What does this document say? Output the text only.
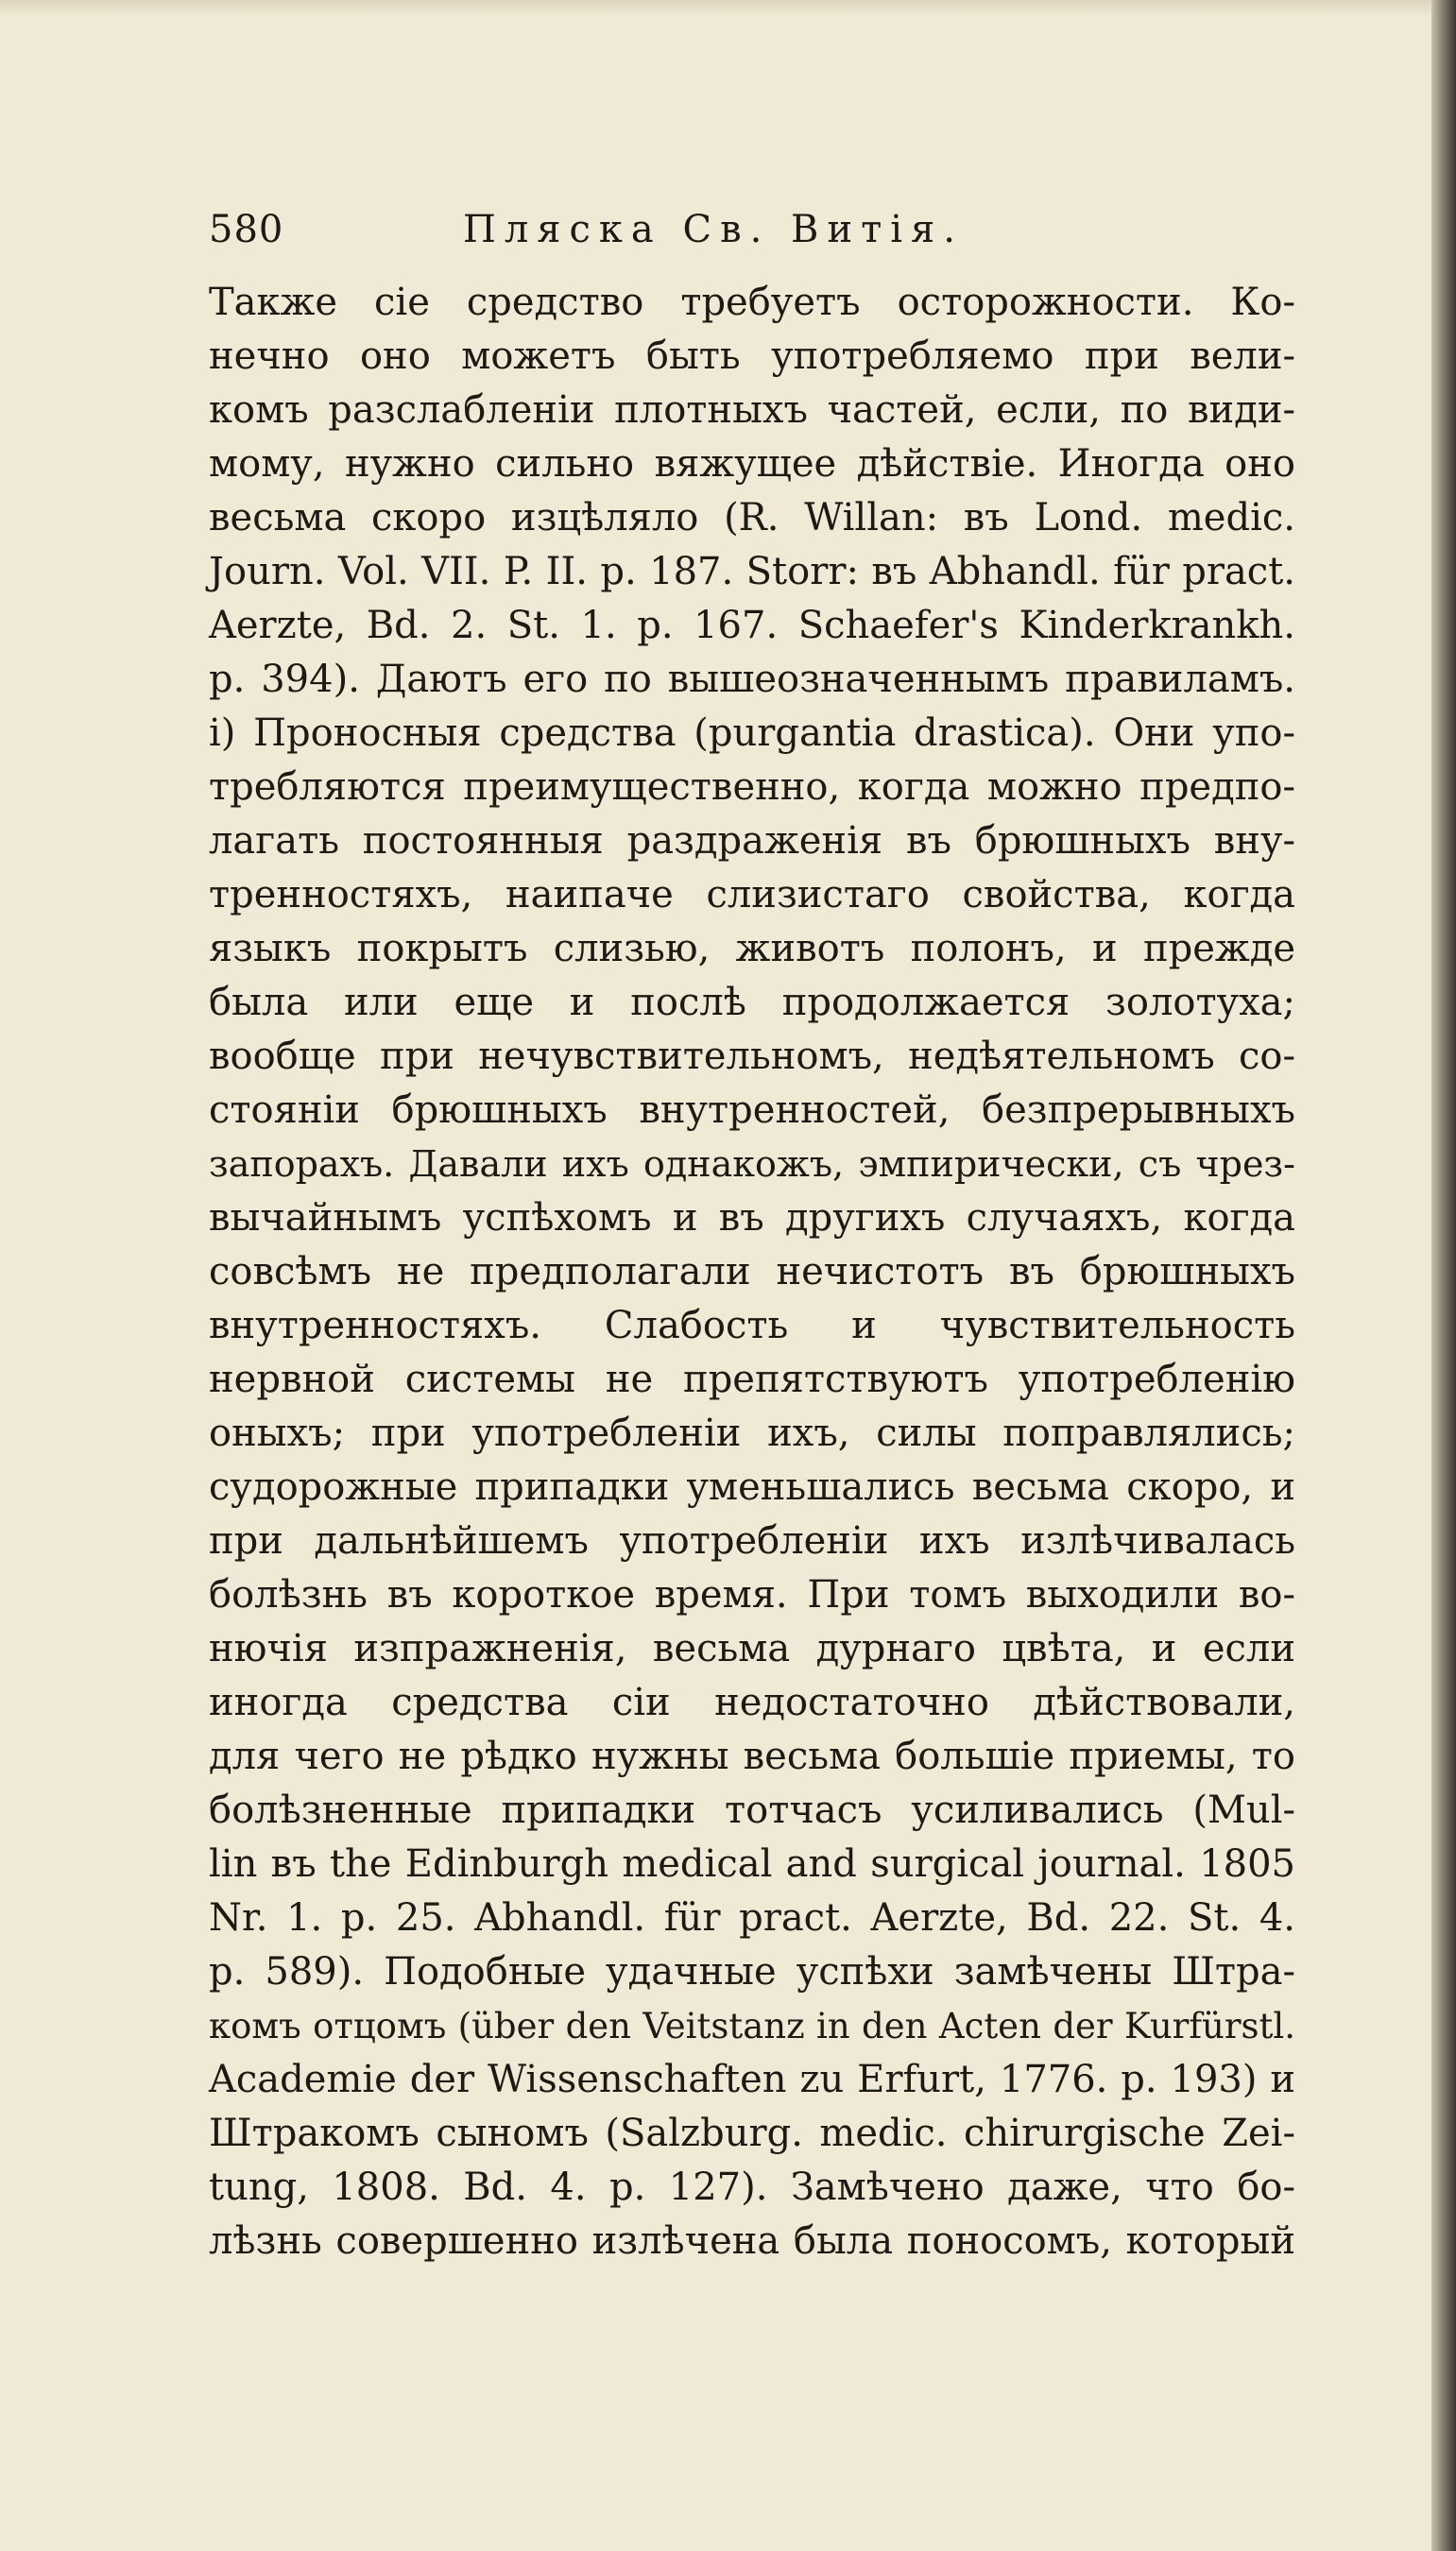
580	Пляска Св. Витія.
Также сіе средство требуетъ осторожности. Ко-
нечно оно можетъ быть употребляемо при вели-
комъ разслабленіи плотныхъ частей, если, по види-
мому, нужно сильно вяжущее дѣйствіе. Иногда оно
весьма скоро изцѣляло (R. Willan: въ Lond. medic.
Journ. Vol. VII. P. II. p. 187. Storr: въ Abhandl. für pract.
Aerzte, Bd. 2. St. 1. p. 167. Schaefer's Kinderkrankh.
p. 394). Даютъ его по вышеозначеннымъ правиламъ.
i) Проносныя средства (purgantia drastica). Они упо-
требляются преимущественно, когда можно предпо-
лагать постоянныя раздраженія въ брюшныхъ вну-
тренностяхъ, наипаче слизистаго свойства, когда
языкъ покрытъ слизью, животъ полонъ, и прежде
была или еще и послѣ продолжается золотуха;
вообще при нечувствительномъ, недѣятельномъ со-
стояніи брюшныхъ внутренностей, безпрерывныхъ
запорахъ. Давали ихъ однакожъ, эмпирически, съ чрез-
вычайнымъ успѣхомъ и въ другихъ случаяхъ, когда
совсѣмъ не предполагали нечистотъ въ брюшныхъ
внутренностяхъ. Слабость и чувствительность
нервной системы не препятствуютъ употребленію
оныхъ; при употребленіи ихъ, силы поправлялись;
судорожные припадки уменьшались весьма скоро, и
при дальнѣйшемъ употребленіи ихъ излѣчивалась
болѣзнь въ короткое время. При томъ выходили во-
нючія изпражненія, весьма дурнаго цвѣта, и если
иногда средства сіи недостаточно дѣйствовали,
для чего не рѣдко нужны весьма большіе приемы, то
болѣзненные припадки тотчасъ усиливались (Mul-
lin въ the Edinburgh medical and surgical journal. 1805
Nr. 1. p. 25. Abhandl. für pract. Aerzte, Bd. 22. St. 4.
p. 589). Подобные удачные успѣхи замѣчены Штра-
комъ отцомъ (über den Veitstanz in den Acten der Kurfürstl.
Academie der Wissenschaften zu Erfurt, 1776. p. 193) и
Штракомъ сыномъ (Salzburg. medic. chirurgische Zei-
tung, 1808. Bd. 4. p. 127). Замѣчено даже, что бо-
лѣзнь совершенно излѣчена была поносомъ, который
